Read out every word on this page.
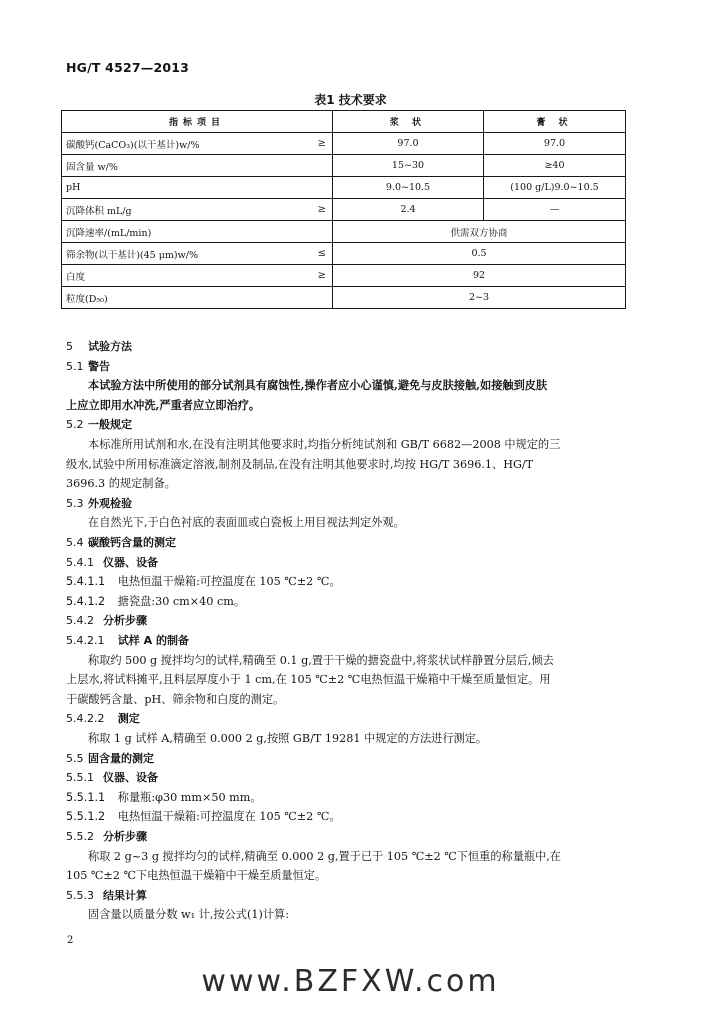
HG/T 4527—2013
表1 技术要求
指标项目	浆 状	膏 状

碳酸钙(CaCO₃)(以干基计)w/% ≥	97.0	97.0

固含量 w/%	15~30	≥40

pH	9.0~10.5	(100 g/L)9.0~10.5

沉降体积 mL/g ≥	2.4	—

沉降速率/(mL/min)	供需双方协商	

筛余物(以干基计)(45 μm)w/% ≤	0.5	

白度 ≥	92	

粒度(D₅₀)	2~3	
5 试验方法
5.1 警告
本试验方法中所使用的部分试剂具有腐蚀性,操作者应小心谨慎,避免与皮肤接触,如接触到皮肤
上应立即用水冲洗,严重者应立即治疗。
5.2 一般规定
本标准所用试剂和水,在没有注明其他要求时,均指分析纯试剂和 GB/T 6682—2008 中规定的三
级水,试验中所用标准滴定溶液,制剂及制品,在没有注明其他要求时,均按 HG/T 3696.1、HG/T
3696.3 的规定制备。
5.3 外观检验
在自然光下,于白色衬底的表面皿或白瓷板上用目视法判定外观。
5.4 碳酸钙含量的测定
5.4.1 仪器、设备
5.4.1.1 电热恒温干燥箱:可控温度在 105 ℃±2 ℃。
5.4.1.2 搪瓷盘:30 cm×40 cm。
5.4.2 分析步骤
5.4.2.1 试样 A 的制备
称取约 500 g 搅拌均匀的试样,精确至 0.1 g,置于干燥的搪瓷盘中,将浆状试样静置分层后,倾去
上层水,将试料摊平,且料层厚度小于 1 cm,在 105 ℃±2 ℃电热恒温干燥箱中干燥至质量恒定。用
于碳酸钙含量、pH、筛余物和白度的测定。
5.4.2.2 测定
称取 1 g 试样 A,精确至 0.000 2 g,按照 GB/T 19281 中规定的方法进行测定。
5.5 固含量的测定
5.5.1 仪器、设备
5.5.1.1 称量瓶:φ30 mm×50 mm。
5.5.1.2 电热恒温干燥箱:可控温度在 105 ℃±2 ℃。
5.5.2 分析步骤
称取 2 g~3 g 搅拌均匀的试样,精确至 0.000 2 g,置于已于 105 ℃±2 ℃下恒重的称量瓶中,在
105 ℃±2 ℃下电热恒温干燥箱中干燥至质量恒定。
5.5.3 结果计算
固含量以质量分数 w₁ 计,按公式(1)计算:
2
www.BZFXW.com
